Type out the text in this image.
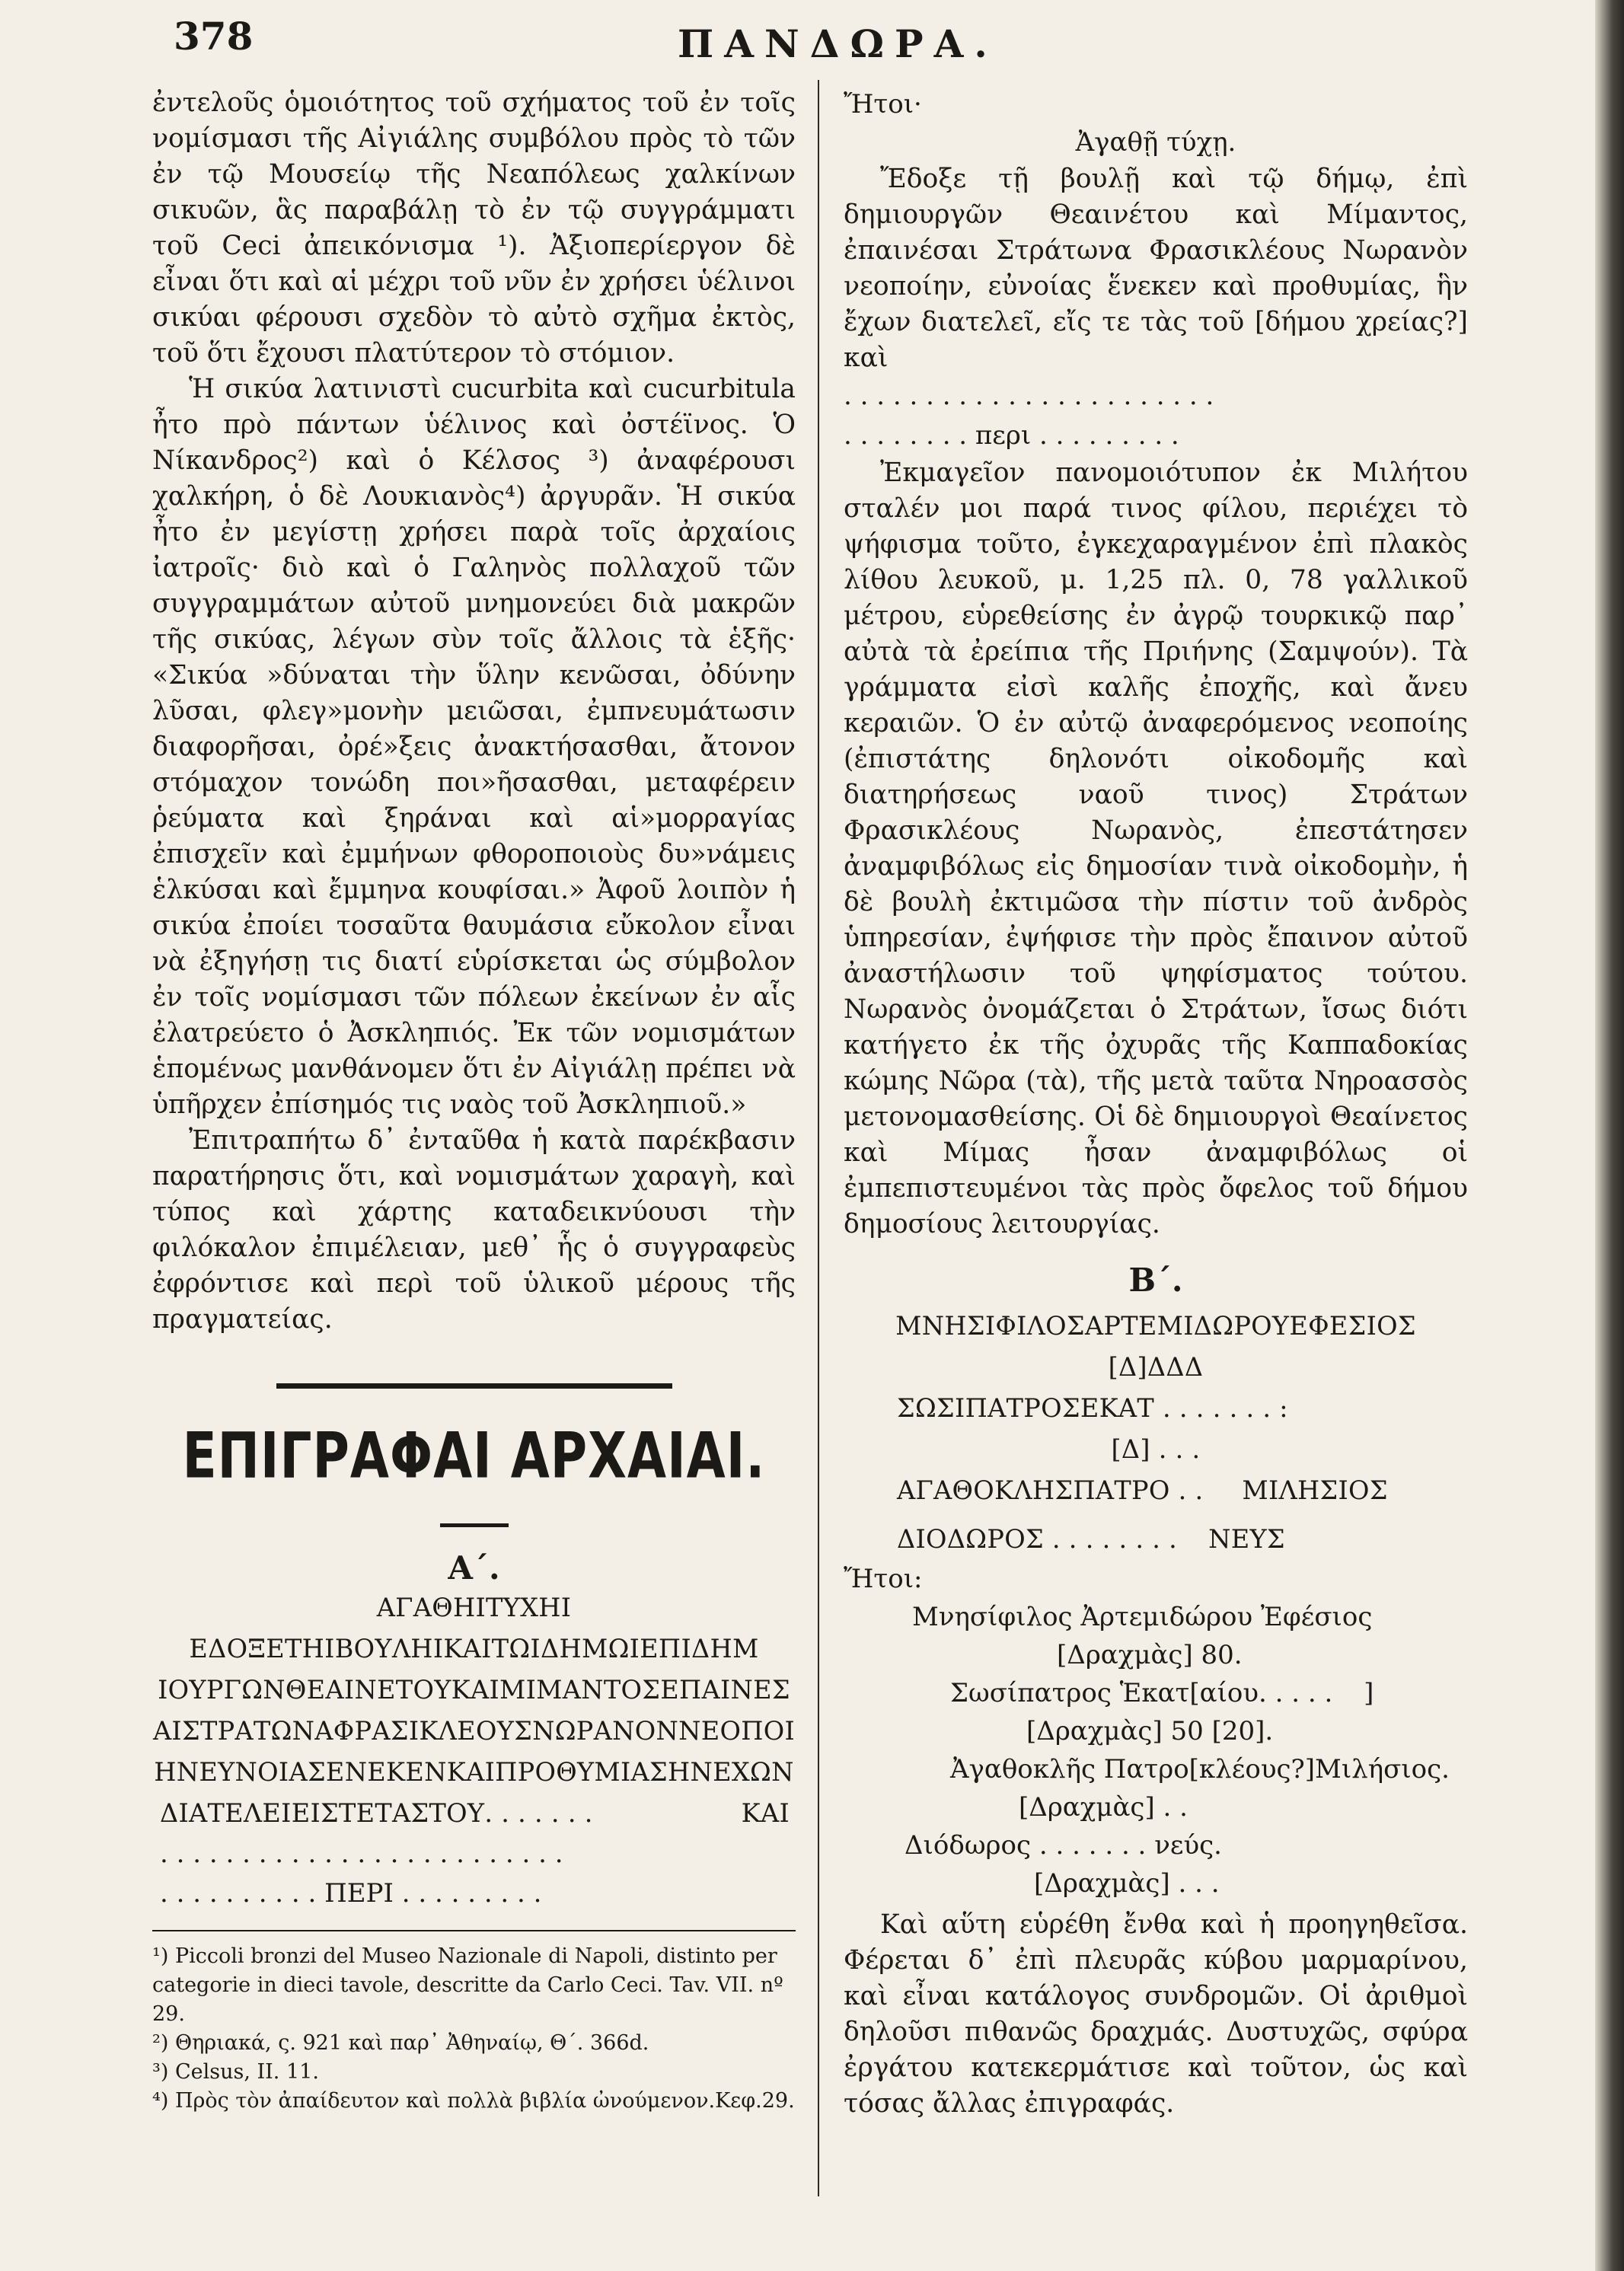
378	ΠΑΝΔΩΡΑ.

ἐντελοῦς ὁμοιότητος τοῦ σχήματος τοῦ ἐν τοῖς νομίσμασι τῆς Αἰγιάλης συμβόλου πρὸς τὸ τῶν ἐν τῷ Μουσείῳ τῆς Νεαπόλεως χαλκίνων σικυῶν, ἃς παραβάλῃ τὸ ἐν τῷ συγγράμματι τοῦ Ceci ἀπεικόνισμα ¹). Ἀξιοπερίεργον δὲ εἶναι ὅτι καὶ αἱ μέχρι τοῦ νῦν ἐν χρήσει ὑέλινοι σικύαι φέρουσι σχεδὸν τὸ αὐτὸ σχῆμα ἐκτὸς, τοῦ ὅτι ἔχουσι πλατύτερον τὸ στόμιον.

Ἡ σικύα λατινιστὶ cucurbita καὶ cucurbitula ἦτο πρὸ πάντων ὑέλινος καὶ ὀστέϊνος. Ὁ Νίκανδρος²) καὶ ὁ Κέλσος ³) ἀναφέρουσι χαλκήρη, ὁ δὲ Λουκιανὸς⁴) ἀργυρᾶν. Ἡ σικύα ἦτο ἐν μεγίστῃ χρήσει παρὰ τοῖς ἀρχαίοις ἰατροῖς· διὸ καὶ ὁ Γαληνὸς πολλαχοῦ τῶν συγγραμμάτων αὐτοῦ μνημονεύει διὰ μακρῶν τῆς σικύας, λέγων σὺν τοῖς ἄλλοις τὰ ἑξῆς· «Σικύα »δύναται τὴν ὕλην κενῶσαι, ὀδύνην λῦσαι, φλεγ»μονὴν μειῶσαι, ἐμπνευμάτωσιν διαφορῆσαι, ὀρέ»ξεις ἀνακτήσασθαι, ἄτονον στόμαχον τονώδη ποι»ῆσασθαι, μεταφέρειν ῥεύματα καὶ ξηράναι καὶ αἱ»μορραγίας ἐπισχεῖν καὶ ἐμμήνων φθοροποιοὺς δυ»νάμεις ἑλκύσαι καὶ ἔμμηνα κουφίσαι.» Ἀφοῦ λοιπὸν ἡ σικύα ἐποίει τοσαῦτα θαυμάσια εὔκολον εἶναι νὰ ἐξηγήσῃ τις διατί εὑρίσκεται ὡς σύμβολον ἐν τοῖς νομίσμασι τῶν πόλεων ἐκείνων ἐν αἷς ἐλατρεύετο ὁ Ἀσκληπιός. Ἐκ τῶν νομισμάτων ἑπομένως μανθάνομεν ὅτι ἐν Αἰγιάλῃ πρέπει νὰ ὑπῆρχεν ἐπίσημός τις ναὸς τοῦ Ἀσκληπιοῦ.»

Ἐπιτραπήτω δ᾽ ἐνταῦθα ἡ κατὰ παρέκβασιν παρατήρησις ὅτι, καὶ νομισμάτων χαραγὴ, καὶ τύπος καὶ χάρτης καταδεικνύουσι τὴν φιλόκαλον ἐπιμέλειαν, μεθ᾽ ἧς ὁ συγγραφεὺς ἐφρόντισε καὶ περὶ τοῦ ὑλικοῦ μέρους τῆς πραγματείας.

ΕΠΙΓΡΑΦΑΙ ΑΡΧΑΙΑΙ.

Α΄.

ΑΓΑΘΗΙΤΥΧΗΙ

ΕΔΟΞΕΤΗΙΒΟΥΛΗΙΚΑΙΤΩΙΔΗΜΩΙΕΠΙΔΗΜ

ΙΟΥΡΓΩΝΘΕΑΙΝΕΤΟΥΚΑΙΜΙΜΑΝΤΟΣΕΠΑΙΝΕΣ

ΑΙΣΤΡΑΤΩΝΑΦΡΑΣΙΚΛΕΟΥΣΝΩΡΑΝΟΝΝΕΟΠΟΙ

ΗΝΕΥΝΟΙΑΣΕΝΕΚΕΝΚΑΙΠΡΟΘΥΜΙΑΣΗΝΕΧΩΝ

ΔΙΑΤΕΛΕΙΕΙΣΤΕΤΑΣΤΟΥ. . . . . . .	ΚΑΙ

. . . . . . . . . . . . . . . . . . . . . . . . .

. . . . . . . . . . ΠΕΡΙ . . . . . . . . .

¹) Piccoli bronzi del Museo Nazionale di Napoli, distinto per categorie in dieci tavole, descritte da Carlo Ceci. Tav. VII. nº 29.

²) Θηριακά, ς. 921 καὶ παρ᾽ Ἀθηναίῳ, Θ΄. 366d.

³) Celsus, II. 11.

⁴) Πρὸς τὸν ἀπαίδευτον καὶ πολλὰ βιβλία ὠνούμενον.Κεφ.29.

Ἤτοι·

Ἀγαθῇ τύχῃ.

Ἔδοξε τῇ βουλῇ καὶ τῷ δήμῳ, ἐπὶ δημιουργῶν Θεαινέτου καὶ Μίμαντος, ἐπαινέσαι Στράτωνα Φρασικλέους Νωρανὸν νεοποίην, εὐνοίας ἕνεκεν καὶ προθυμίας, ἣν ἔχων διατελεῖ, εἴς τε τὰς τοῦ [δήμου χρείας?] καὶ

. . . . . . . . . . . . . . . . . . . . . . .

. . . . . . . . περι . . . . . . . . .

Ἐκμαγεῖον πανομοιότυπον ἐκ Μιλήτου σταλέν μοι παρά τινος φίλου, περιέχει τὸ ψήφισμα τοῦτο, ἐγκεχαραγμένον ἐπὶ πλακὸς λίθου λευκοῦ, μ. 1,25 πλ. 0, 78 γαλλικοῦ μέτρου, εὑρεθείσης ἐν ἀγρῷ τουρκικῷ παρ᾽ αὐτὰ τὰ ἐρείπια τῆς Πριήνης (Σαμψούν). Τὰ γράμματα εἰσὶ καλῆς ἐποχῆς, καὶ ἄνευ κεραιῶν. Ὁ ἐν αὐτῷ ἀναφερόμενος νεοποίης (ἐπιστάτης δηλονότι οἰκοδομῆς καὶ διατηρήσεως ναοῦ τινος) Στράτων Φρασικλέους Νωρανὸς, ἐπεστάτησεν ἀναμφιβόλως εἰς δημοσίαν τινὰ οἰκοδομὴν, ἡ δὲ βουλὴ ἐκτιμῶσα τὴν πίστιν τοῦ ἀνδρὸς ὑπηρεσίαν, ἐψήφισε τὴν πρὸς ἔπαινον αὐτοῦ ἀναστήλωσιν τοῦ ψηφίσματος τούτου. Νωρανὸς ὀνομάζεται ὁ Στράτων, ἴσως διότι κατήγετο ἐκ τῆς ὀχυρᾶς τῆς Καππαδοκίας κώμης Νῶρα (τὰ), τῆς μετὰ ταῦτα Νηροασσὸς μετονομασθείσης. Οἱ δὲ δημιουργοὶ Θεαίνετος καὶ Μίμας ἦσαν ἀναμφιβόλως οἱ ἐμπεπιστευμένοι τὰς πρὸς ὄφελος τοῦ δήμου δημοσίους λειτουργίας.

Β΄.

ΜΝΗΣΙΦΙΛΟΣΑΡΤΕΜΙΔΩΡΟΥΕΦΕΣΙΟΣ

[Δ]ΔΔΔ

ΣΩΣΙΠΑΤΡΟΣΕΚΑΤ . . . . . . . :

[Δ] . . .

ΑΓΑΘΟΚΛΗΣΠΑΤΡΟ . . ΜΙΛΗΣΙΟΣ

ΔΙΟΔΩΡΟΣ . . . . . . . . ΝΕΥΣ

Ἤτοι:

Μνησίφιλος Ἀρτεμιδώρου Ἐφέσιος

[Δραχμὰς] 80.

Σωσίπατρος Ἑκατ[αίου. . . . . ]

[Δραχμὰς] 50 [20].

Ἀγαθοκλῆς Πατρο[κλέους?]Μιλήσιος.

[Δραχμὰς] . .

Διόδωρος . . . . . . . νεύς.

[Δραχμὰς] . . .

Καὶ αὕτη εὑρέθη ἔνθα καὶ ἡ προηγηθεῖσα. Φέρεται δ᾽ ἐπὶ πλευρᾶς κύβου μαρμαρίνου, καὶ εἶναι κατάλογος συνδρομῶν. Οἱ ἀριθμοὶ δηλοῦσι πιθανῶς δραχμάς. Δυστυχῶς, σφύρα ἐργάτου κατεκερμάτισε καὶ τοῦτον, ὡς καὶ τόσας ἄλλας ἐπιγραφάς.
